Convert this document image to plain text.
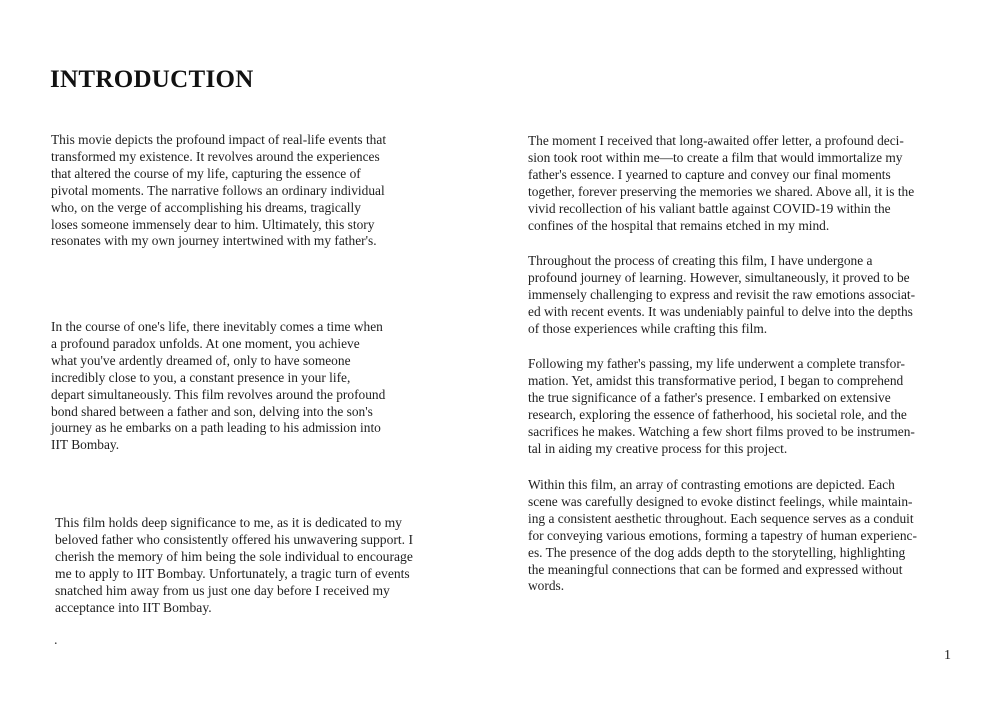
INTRODUCTION
This movie depicts the profound impact of real-life events that
transformed my existence. It revolves around the experiences
that altered the course of my life, capturing the essence of
pivotal moments. The narrative follows an ordinary individual
who, on the verge of accomplishing his dreams, tragically
loses someone immensely dear to him. Ultimately, this story
resonates with my own journey intertwined with my father's.
In the course of one's life, there inevitably comes a time when
a profound paradox unfolds. At one moment, you achieve
what you've ardently dreamed of, only to have someone
incredibly close to you, a constant presence in your life,
depart simultaneously. This film revolves around the profound
bond shared between a father and son, delving into the son's
journey as he embarks on a path leading to his admission into
IIT Bombay.
This film holds deep significance to me, as it is dedicated to my
beloved father who consistently offered his unwavering support. I
cherish the memory of him being the sole individual to encourage
me to apply to IIT Bombay. Unfortunately, a tragic turn of events
snatched him away from us just one day before I received my
acceptance into IIT Bombay.
.
The moment I received that long-awaited offer letter, a profound deci-
sion took root within me—to create a film that would immortalize my
father's essence. I yearned to capture and convey our final moments
together, forever preserving the memories we shared. Above all, it is the
vivid recollection of his valiant battle against COVID-19 within the
confines of the hospital that remains etched in my mind.
Throughout the process of creating this film, I have undergone a
profound journey of learning. However, simultaneously, it proved to be
immensely challenging to express and revisit the raw emotions associat-
ed with recent events. It was undeniably painful to delve into the depths
of those experiences while crafting this film.
Following my father's passing, my life underwent a complete transfor-
mation. Yet, amidst this transformative period, I began to comprehend
the true significance of a father's presence. I embarked on extensive
research, exploring the essence of fatherhood, his societal role, and the
sacrifices he makes. Watching a few short films proved to be instrumen-
tal in aiding my creative process for this project.
Within this film, an array of contrasting emotions are depicted. Each
scene was carefully designed to evoke distinct feelings, while maintain-
ing a consistent aesthetic throughout. Each sequence serves as a conduit
for conveying various emotions, forming a tapestry of human experienc-
es. The presence of the dog adds depth to the storytelling, highlighting
the meaningful connections that can be formed and expressed without
words.
1
